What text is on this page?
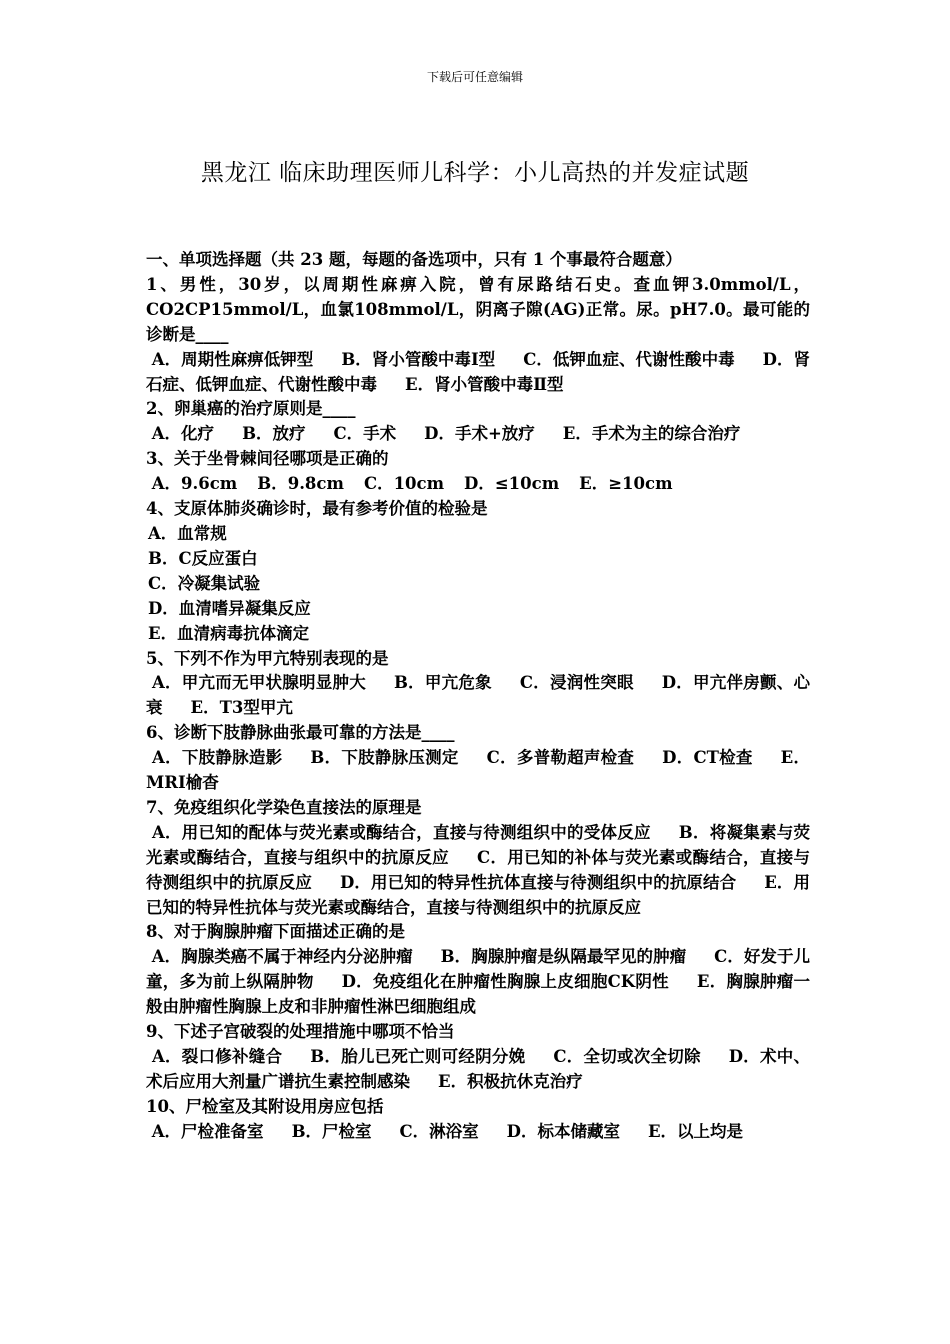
下载后可任意编辑
黑龙江 临床助理医师儿科学：小儿高热的并发症试题

一、单项选择题（共 23 题，每题的备选项中，只有 1 个事最符合题意）

1、男性，30岁，以周期性麻痹入院，曾有尿路结石史。查血钾3.0mmol/L，CO2CP15mmol/L，血氯108mmol/L，阴离子隙(AG)正常。尿。pH7.0。最可能的诊断是____

A．周期性麻痹低钾型 B．肾小管酸中毒Ⅰ型 C．低钾血症、代谢性酸中毒 D．肾石症、低钾血症、代谢性酸中毒 E．肾小管酸中毒Ⅱ型

2、卵巢癌的治疗原则是____

A．化疗 B．放疗 C．手术 D．手术+放疗 E．手术为主的综合治疗

3、关于坐骨棘间径哪项是正确的

A．9.6cm B．9.8cm C．10cm D．≤10cm E．≥10cm

4、支原体肺炎确诊时，最有参考价值的检验是

A．血常规

B．C反应蛋白

C．冷凝集试验

D．血清嗜异凝集反应

E．血清病毒抗体滴定

5、下列不作为甲亢特别表现的是

A．甲亢而无甲状腺明显肿大 B．甲亢危象 C．浸润性突眼 D．甲亢伴房颤、心衰 E．T3型甲亢

6、诊断下肢静脉曲张最可靠的方法是____

A．下肢静脉造影 B．下肢静脉压测定 C．多普勒超声检查 D．CT检查 E．MRI榆杳

7、免疫组织化学染色直接法的原理是

A．用已知的配体与荧光素或酶结合，直接与待测组织中的受体反应 B．将凝集素与荧光素或酶结合，直接与组织中的抗原反应 C．用已知的补体与荧光素或酶结合，直接与待测组织中的抗原反应 D．用已知的特异性抗体直接与待测组织中的抗原结合 E．用已知的特异性抗体与荧光素或酶结合，直接与待测组织中的抗原反应

8、对于胸腺肿瘤下面描述正确的是

A．胸腺类癌不属于神经内分泌肿瘤 B．胸腺肿瘤是纵隔最罕见的肿瘤 C．好发于儿童，多为前上纵隔肿物 D．免疫组化在肿瘤性胸腺上皮细胞CK阴性 E．胸腺肿瘤一般由肿瘤性胸腺上皮和非肿瘤性淋巴细胞组成

9、下述子宫破裂的处理措施中哪项不恰当

A．裂口修补缝合 B．胎儿已死亡则可经阴分娩 C．全切或次全切除 D．术中、术后应用大剂量广谱抗生素控制感染 E．积极抗休克治疗

10、尸检室及其附设用房应包括

A．尸检准备室 B．尸检室 C．淋浴室 D．标本储藏室 E．以上均是
